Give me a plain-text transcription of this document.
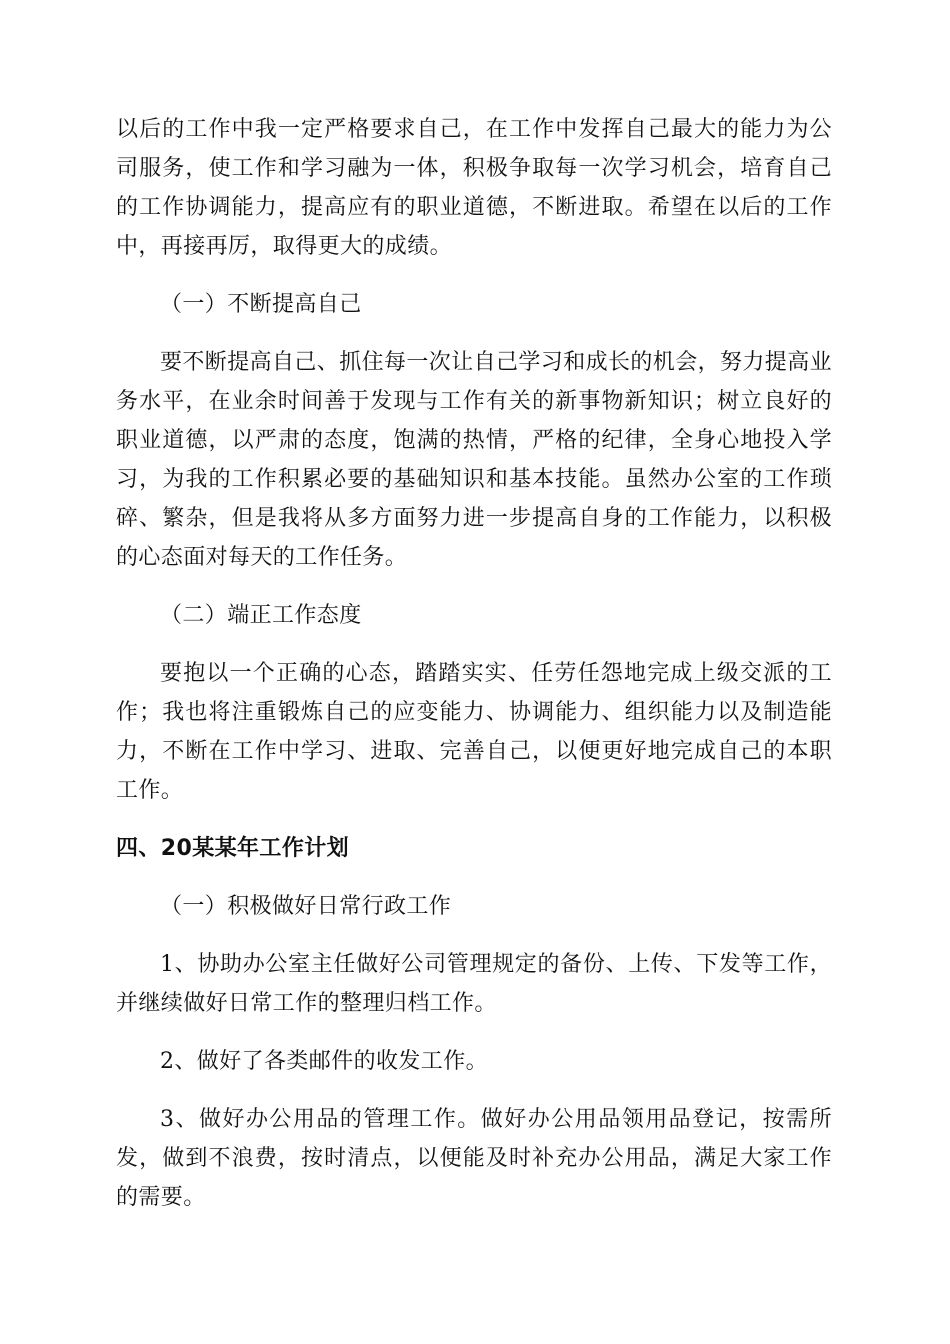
以后的工作中我一定严格要求自己，在工作中发挥自己最大的能力为公司服务，使工作和学习融为一体，积极争取每一次学习机会，培育自己的工作协调能力，提高应有的职业道德，不断进取。希望在以后的工作中，再接再厉，取得更大的成绩。

（一）不断提高自己

要不断提高自己、抓住每一次让自己学习和成长的机会，努力提高业务水平，在业余时间善于发现与工作有关的新事物新知识；树立良好的职业道德，以严肃的态度，饱满的热情，严格的纪律，全身心地投入学习，为我的工作积累必要的基础知识和基本技能。虽然办公室的工作琐碎、繁杂，但是我将从多方面努力进一步提高自身的工作能力，以积极的心态面对每天的工作任务。

（二）端正工作态度

要抱以一个正确的心态，踏踏实实、任劳任怨地完成上级交派的工作；我也将注重锻炼自己的应变能力、协调能力、组织能力以及制造能力，不断在工作中学习、进取、完善自己，以便更好地完成自己的本职工作。

四、20某某年工作计划

（一）积极做好日常行政工作

1、协助办公室主任做好公司管理规定的备份、上传、下发等工作，并继续做好日常工作的整理归档工作。

2、做好了各类邮件的收发工作。

3、做好办公用品的管理工作。做好办公用品领用品登记，按需所发，做到不浪费，按时清点，以便能及时补充办公用品，满足大家工作的需要。
